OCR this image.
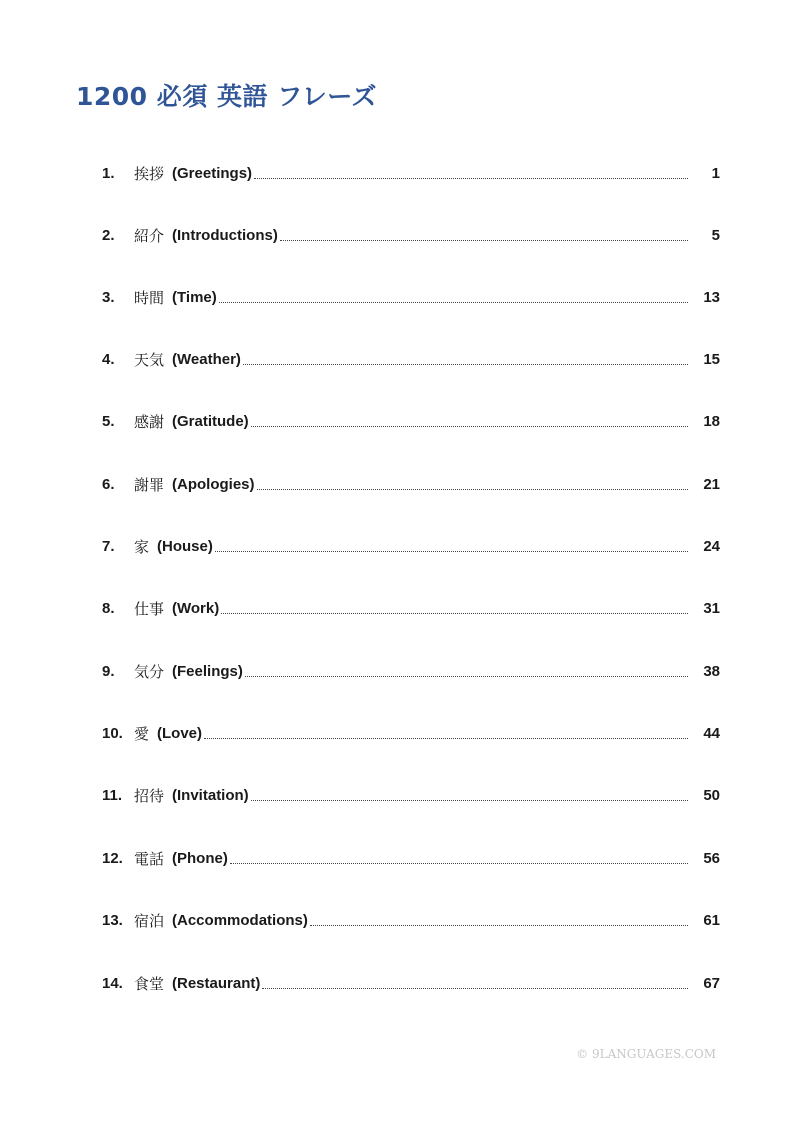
1200 必須 英語 フレーズ
1.	挨拶 (Greetings)	1
2.	紹介 (Introductions)	5
3.	時間 (Time)	13
4.	天気 (Weather)	15
5.	感謝 (Gratitude)	18
6.	謝罪 (Apologies)	21
7.	家 (House)	24
8.	仕事 (Work)	31
9.	気分 (Feelings)	38
10. 愛 (Love)	44
11. 招待 (Invitation)	50
12. 電話 (Phone)	56
13. 宿泊 (Accommodations)	61
14. 食堂 (Restaurant)	67
© 9LANGUAGES.COM
